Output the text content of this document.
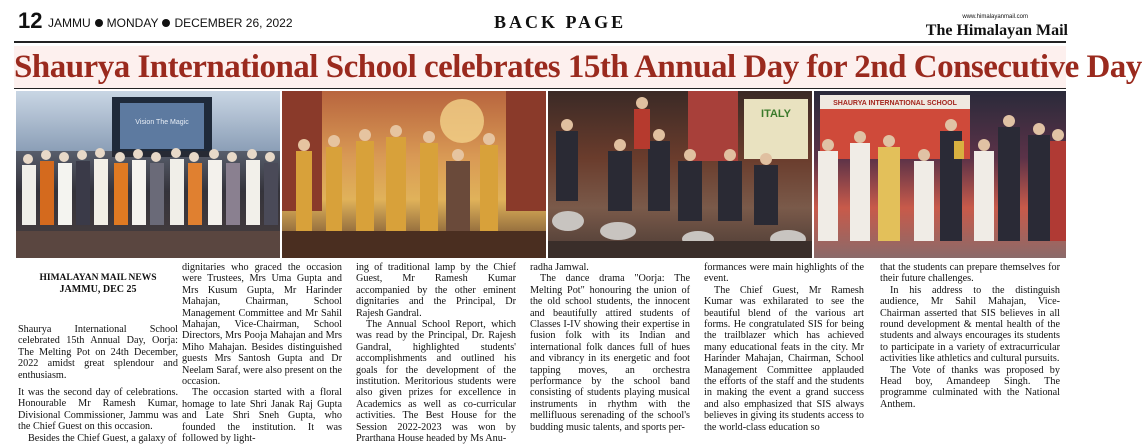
12 JAMMU MONDAY DECEMBER 26, 2022	BACK PAGE	www.himalayanmail.com
The Himalayan Mail
Shaurya International School celebrates 15th Annual Day for 2nd Consecutive Day
Vision The Magic
ITALY
SHAURYA INTERNATIONAL SCHOOL
HIMALAYAN MAIL NEWS
JAMMU, DEC 25

Shaurya International School celebrated 15th Annual Day, Oorja: The Melting Pot on 24th December, 2022 amidst great splendour and enthusiasm.

It was the second day of celebrations. Honourable Mr Ramesh Kumar, Divisional Commissioner, Jammu was the Chief Guest on this occasion.

Besides the Chief Guest, a galaxy of

dignitaries who graced the occasion were Trustees, Mrs Uma Gupta and Mrs Kusum Gupta, Mr Harinder Mahajan, Chairman, School Management Committee and Mr Sahil Mahajan, Vice-Chairman, School Directors, Mrs Pooja Mahajan and Mrs Miho Mahajan. Besides distinguished guests Mrs Santosh Gupta and Dr Neelam Saraf, were also present on the occasion.

The occasion started with a floral homage to late Shri Janak Raj Gupta and Late Shri Sneh Gupta, who founded the institution. It was followed by light-

ing of traditional lamp by the Chief Guest, Mr Ramesh Kumar accompanied by the other eminent dignitaries and the Principal, Dr Rajesh Gandral.

The Annual School Report, which was read by the Principal, Dr. Rajesh Gandral, highlighted students' accomplishments and outlined his goals for the development of the institution. Meritorious students were also given prizes for excellence in Academics as well as co-curricular activities. The Best House for the Session 2022-2023 was won by Prarthana House headed by Ms Anu-

radha Jamwal.

The dance drama "Oorja: The Melting Pot" honouring the union of the old school students, the innocent and beautifully attired students of Classes I-IV showing their expertise in fusion folk with its Indian and international folk dances full of hues and vibrancy in its energetic and foot tapping moves, an orchestra performance by the school band consisting of students playing musical instruments in rhythm with the mellifluous serenading of the school's budding music talents, and sports per-

formances were main highlights of the event.

The Chief Guest, Mr Ramesh Kumar was exhilarated to see the beautiful blend of the various art forms. He congratulated SIS for being the trailblazer which has achieved many educational feats in the city. Mr Harinder Mahajan, Chairman, School Management Committee applauded the efforts of the staff and the students in making the event a grand success and also emphasized that SIS always believes in giving its students access to the world-class education so

that the students can prepare themselves for their future challenges.

In his address to the distinguish audience, Mr Sahil Mahajan, Vice-Chairman asserted that SIS believes in all round development & mental health of the students and always encourages its students to participate in a variety of extracurricular activities like athletics and cultural pursuits.

The Vote of thanks was proposed by Head boy, Amandeep Singh. The programme culminated with the National Anthem.
